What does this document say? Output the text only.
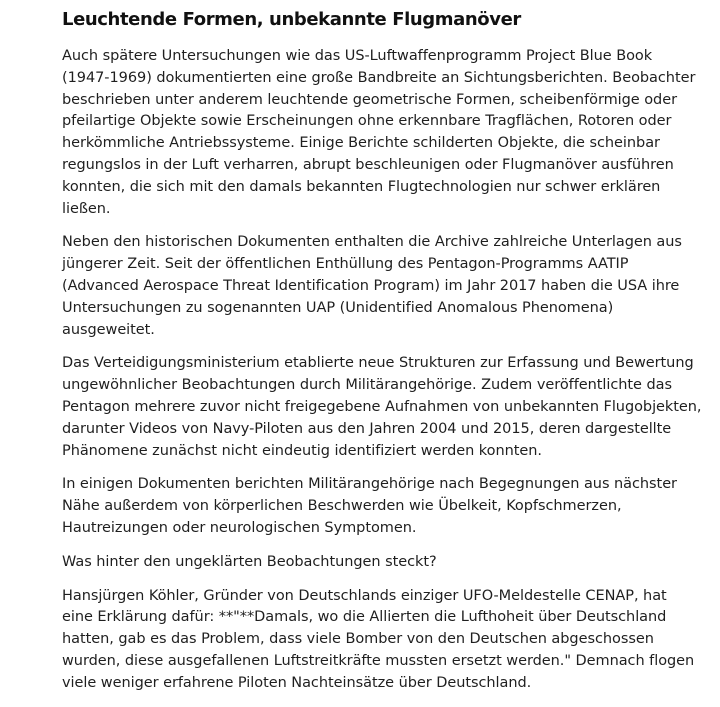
Leuchtende Formen, unbekannte Flugmanöver

Auch spätere Untersuchungen wie das US-Luftwaffenprogramm Project Blue Book (1947-1969) dokumentierten eine große Bandbreite an Sichtungsberichten. Beobachter beschrieben unter anderem leuchtende geometrische Formen, scheibenförmige oder pfeilartige Objekte sowie Erscheinungen ohne erkennbare Tragflächen, Rotoren oder herkömmliche Antriebssysteme. Einige Berichte schilderten Objekte, die scheinbar regungslos in der Luft verharren, abrupt beschleunigen oder Flugmanöver ausführen konnten, die sich mit den damals bekannten Flugtechnologien nur schwer erklären ließen.

Neben den historischen Dokumenten enthalten die Archive zahlreiche Unterlagen aus jüngerer Zeit. Seit der öffentlichen Enthüllung des Pentagon-Programms AATIP (Advanced Aerospace Threat Identification Program) im Jahr 2017 haben die USA ihre Untersuchungen zu sogenannten UAP (Unidentified Anomalous Phenomena) ausgeweitet.

Das Verteidigungsministerium etablierte neue Strukturen zur Erfassung und Bewertung ungewöhnlicher Beobachtungen durch Militärangehörige. Zudem veröffentlichte das Pentagon mehrere zuvor nicht freigegebene Aufnahmen von unbekannten Flugobjekten, darunter Videos von Navy-Piloten aus den Jahren 2004 und 2015, deren dargestellte Phänomene zunächst nicht eindeutig identifiziert werden konnten.

In einigen Dokumenten berichten Militärangehörige nach Begegnungen aus nächster Nähe außerdem von körperlichen Beschwerden wie Übelkeit, Kopfschmerzen, Hautreizungen oder neurologischen Symptomen.

Was hinter den ungeklärten Beobachtungen steckt?

Hansjürgen Köhler, Gründer von Deutschlands einziger UFO-Meldestelle CENAP, hat eine Erklärung dafür: **"**Damals, wo die Allierten die Lufthoheit über Deutschland hatten, gab es das Problem, dass viele Bomber von den Deutschen abgeschossen wurden, diese ausgefallenen Luftstreitkräfte mussten ersetzt werden." Demnach flogen viele weniger erfahrene Piloten Nachteinsätze über Deutschland.
